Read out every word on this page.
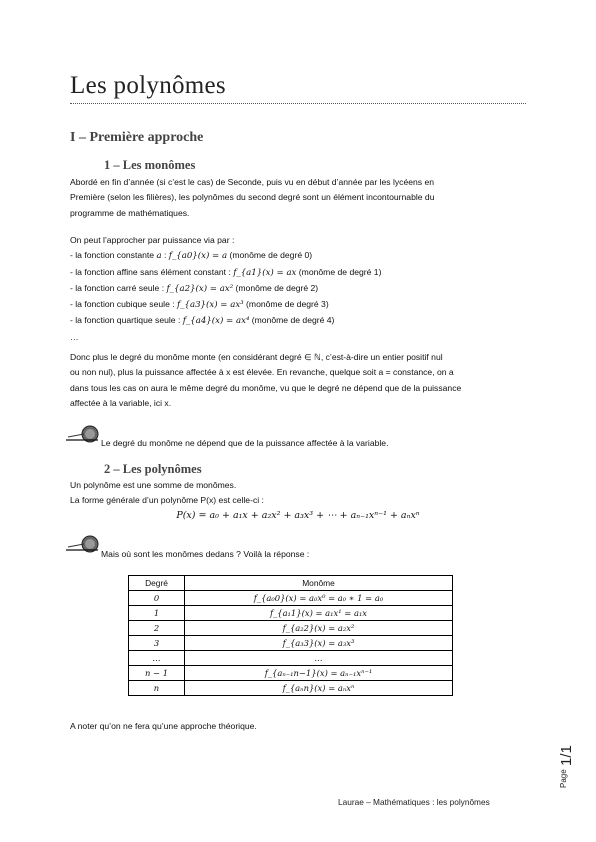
Les polynômes
I – Première approche
1 – Les monômes

Abordé en fin d’année (si c’est le cas) de Seconde, puis vu en début d’année par les lycéens en

Première (selon les filières), les polynômes du second degré sont un élément incontournable du

programme de mathématiques.

On peut l’approcher par puissance via par :

- la fonction constante a : f_{a0}(x) = a (monôme de degré 0)

- la fonction affine sans élément constant : f_{a1}(x) = ax (monôme de degré 1)

- la fonction carré seule : f_{a2}(x) = ax² (monôme de degré 2)

- la fonction cubique seule : f_{a3}(x) = ax³ (monôme de degré 3)

- la fonction quartique seule : f_{a4}(x) = ax⁴ (monôme de degré 4)

…

Donc plus le degré du monôme monte (en considérant degré ∈ ℕ, c’est-à-dire un entier positif nul

ou non nul), plus la puissance affectée à x est élevée. En revanche, quelque soit a = constance, on a

dans tous les cas on aura le même degré du monôme, vu que le degré ne dépend que de la puissance

affectée à la variable, ici x.

Le degré du monôme ne dépend que de la puissance affectée à la variable.
2 – Les polynômes

Un polynôme est une somme de monômes.

La forme générale d’un polynôme P(x) est celle-ci :

P(x) = a₀ + a₁x + a₂x² + a₃x³ + ⋯ + aₙ₋₁xⁿ⁻¹ + aₙxⁿ
Mais où sont les monômes dedans ? Voilà la réponse :
Degré	Monôme
0	f_{a₀0}(x) = a₀x⁰ = a₀ ∗ 1 = a₀
1	f_{a₁1}(x) = a₁x¹ = a₁x
2	f_{a₂2}(x) = a₂x²
3	f_{a₃3}(x) = a₃x³
…	…
n − 1	f_{aₙ₋₁n−1}(x) = aₙ₋₁xⁿ⁻¹
n	f_{aₙn}(x) = aₙxⁿ
A noter qu’on ne fera qu’une approche théorique.
Page
1/1
Laurae – Mathématiques : les polynômes
